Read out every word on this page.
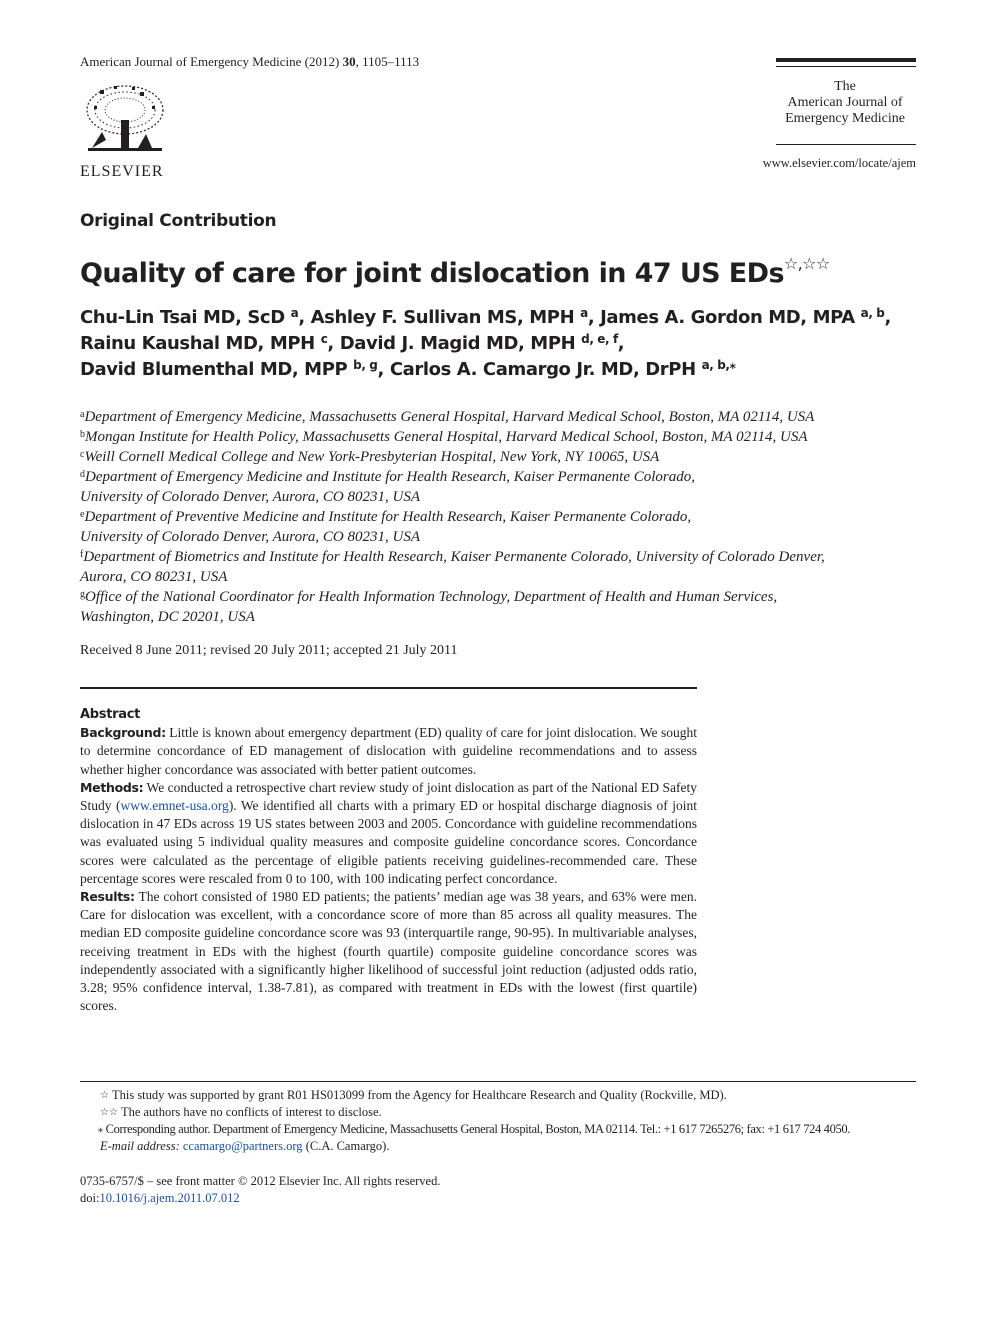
American Journal of Emergency Medicine (2012) 30, 1105–1113
ELSEVIER
The
American Journal of
Emergency Medicine
www.elsevier.com/locate/ajem
Original Contribution
Quality of care for joint dislocation in 47 US EDs☆,☆☆
Chu-Lin Tsai MD, ScD $^a$, Ashley F. Sullivan MS, MPH $^a$, James A. Gordon MD, MPA $^{a, b}$,
Rainu Kaushal MD, MPH $^c$, David J. Magid MD, MPH $^{d, e, f}$,
David Blumenthal MD, MPP $^{b, g}$, Carlos A. Camargo Jr. MD, DrPH $^{a, b,⁎}$
$^a$Department of Emergency Medicine, Massachusetts General Hospital, Harvard Medical School, Boston, MA 02114, USA
$^b$Mongan Institute for Health Policy, Massachusetts General Hospital, Harvard Medical School, Boston, MA 02114, USA
$^c$Weill Cornell Medical College and New York-Presbyterian Hospital, New York, NY 10065, USA
$^d$Department of Emergency Medicine and Institute for Health Research, Kaiser Permanente Colorado,
University of Colorado Denver, Aurora, CO 80231, USA
$^e$Department of Preventive Medicine and Institute for Health Research, Kaiser Permanente Colorado,
University of Colorado Denver, Aurora, CO 80231, USA
$^f$Department of Biometrics and Institute for Health Research, Kaiser Permanente Colorado, University of Colorado Denver,
Aurora, CO 80231, USA
$^g$Office of the National Coordinator for Health Information Technology, Department of Health and Human Services,
Washington, DC 20201, USA
Received 8 June 2011; revised 20 July 2011; accepted 21 July 2011
Abstract

Background: Little is known about emergency department (ED) quality of care for joint dislocation. We sought to determine concordance of ED management of dislocation with guideline recommendations and to assess whether higher concordance was associated with better patient outcomes.

Methods: We conducted a retrospective chart review study of joint dislocation as part of the National ED Safety Study (www.emnet-usa.org). We identified all charts with a primary ED or hospital discharge diagnosis of joint dislocation in 47 EDs across 19 US states between 2003 and 2005. Concordance with guideline recommendations was evaluated using 5 individual quality measures and composite guideline concordance scores. Concordance scores were calculated as the percentage of eligible patients receiving guidelines-recommended care. These percentage scores were rescaled from 0 to 100, with 100 indicating perfect concordance.

Results: The cohort consisted of 1980 ED patients; the patients’ median age was 38 years, and 63% were men. Care for dislocation was excellent, with a concordance score of more than 85 across all quality measures. The median ED composite guideline concordance score was 93 (interquartile range, 90-95). In multivariable analyses, receiving treatment in EDs with the highest (fourth quartile) composite guideline concordance scores was independently associated with a significantly higher likelihood of successful joint reduction (adjusted odds ratio, 3.28; 95% confidence interval, 1.38-7.81), as compared with treatment in EDs with the lowest (first quartile) scores.

☆ This study was supported by grant R01 HS013099 from the Agency for Healthcare Research and Quality (Rockville, MD).
☆☆ The authors have no conflicts of interest to disclose.
⁎ Corresponding author. Department of Emergency Medicine, Massachusetts General Hospital, Boston, MA 02114. Tel.: +1 617 7265276; fax: +1 617 724 4050.
E-mail address: ccamargo@partners.org (C.A. Camargo).
0735-6757/$ – see front matter © 2012 Elsevier Inc. All rights reserved.
doi:10.1016/j.ajem.2011.07.012
